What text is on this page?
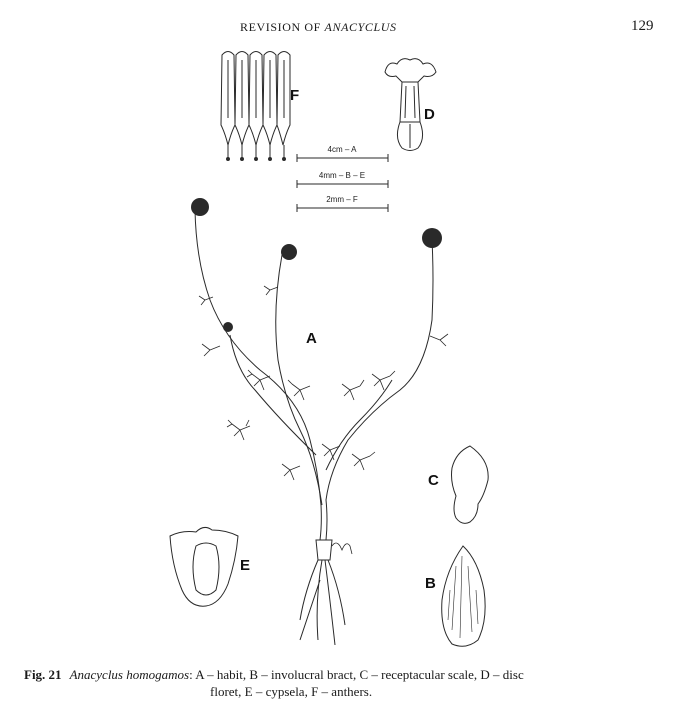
REVISION OF ANACYCLUS	129
F
D
A
C
E
B
4cm – A
4mm – B – E
2mm – F
Fig. 21 Anacyclus homogamos: A – habit, B – involucral bract, C – receptacular scale, D – disc
floret, E – cypsela, F – anthers.
